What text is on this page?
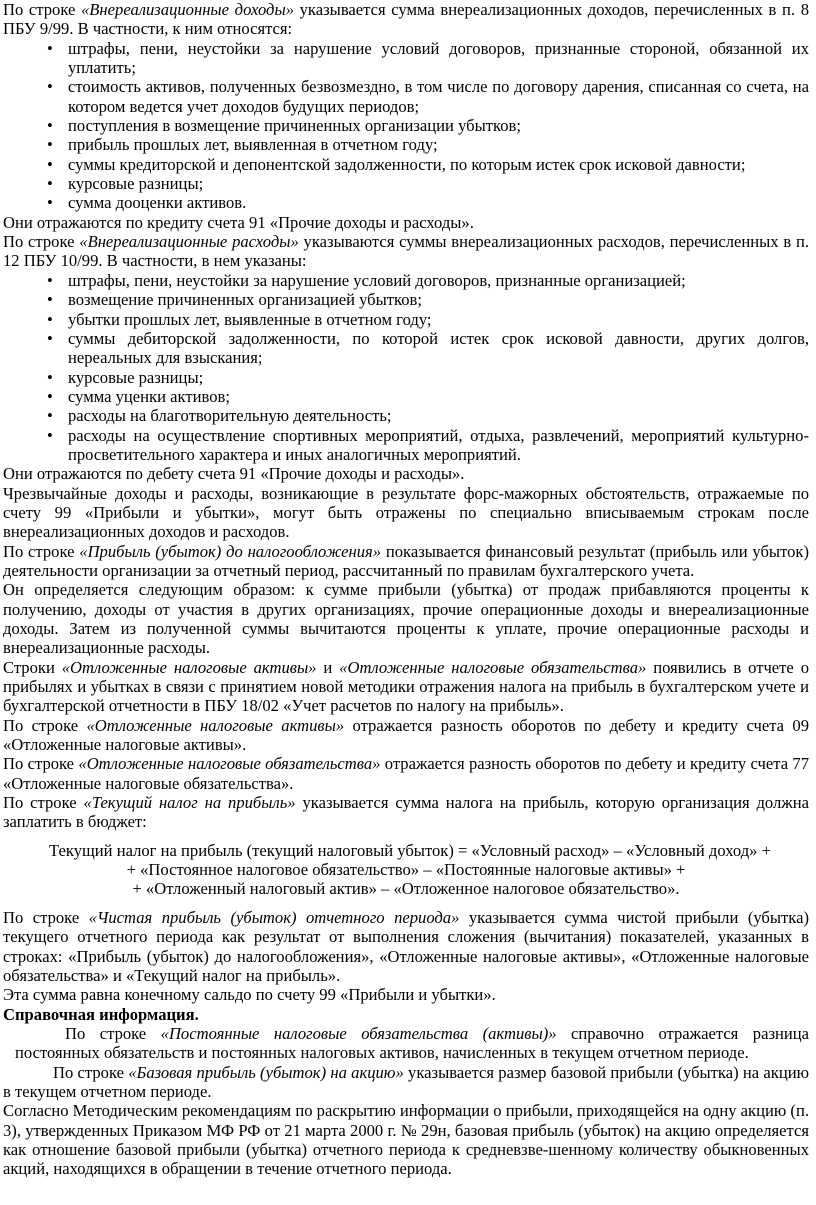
По строке «Внереализационные доходы» указывается сумма внереализационных доходов, перечисленных в п. 8 ПБУ 9/99. В частности, к ним относятся:

• штрафы, пени, неустойки за нарушение условий договоров, признанные стороной, обязанной их уплатить;
• стоимость активов, полученных безвозмездно, в том числе по договору дарения, списанная со счета, на котором ведется учет доходов будущих периодов;
• поступления в возмещение причиненных организации убытков;
• прибыль прошлых лет, выявленная в отчетном году;
• суммы кредиторской и депонентской задолженности, по которым истек срок исковой давности;
• курсовые разницы;
• сумма дооценки активов.

Они отражаются по кредиту счета 91 «Прочие доходы и расходы».

По строке «Внереализационные расходы» указываются суммы внереализационных расходов, перечисленных в п. 12 ПБУ 10/99. В частности, в нем указаны:

• штрафы, пени, неустойки за нарушение условий договоров, признанные организацией;
• возмещение причиненных организацией убытков;
• убытки прошлых лет, выявленные в отчетном году;
• суммы дебиторской задолженности, по которой истек срок исковой давности, других долгов, нереальных для взыскания;
• курсовые разницы;
• сумма уценки активов;
• расходы на благотворительную деятельность;
• расходы на осуществление спортивных мероприятий, отдыха, развлечений, мероприятий культурно-просветительного характера и иных аналогичных мероприятий.

Они отражаются по дебету счета 91 «Прочие доходы и расходы».

Чрезвычайные доходы и расходы, возникающие в результате форс-мажорных обстоятельств, отражаемые по счету 99 «Прибыли и убытки», могут быть отражены по специально вписываемым строкам после внереализационных доходов и расходов.

По строке «Прибыль (убыток) до налогообложения» показывается финансовый результат (прибыль или убыток) деятельности организации за отчетный период, рассчитанный по правилам бухгалтерского учета.

Он определяется следующим образом: к сумме прибыли (убытка) от продаж прибавляются проценты к получению, доходы от участия в других организациях, прочие операционные доходы и внереализационные доходы. Затем из полученной суммы вычитаются проценты к уплате, прочие операционные расходы и внереализационные расходы.

Строки «Отложенные налоговые активы» и «Отложенные налоговые обязательства» появились в отчете о прибылях и убытках в связи с принятием новой методики отражения налога на прибыль в бухгалтерском учете и бухгалтерской отчетности в ПБУ 18/02 «Учет расчетов по налогу на прибыль».

По строке «Отложенные налоговые активы» отражается разность оборотов по дебету и кредиту счета 09 «Отложенные налоговые активы».

По строке «Отложенные налоговые обязательства» отражается разность оборотов по дебету и кредиту счета 77 «Отложенные налоговые обязательства».

По строке «Текущий налог на прибыль» указывается сумма налога на прибыль, которую организация должна заплатить в бюджет:

Текущий налог на прибыль (текущий налоговый убыток) = «Условный расход» – «Условный доход» +
+ «Постоянное налоговое обязательство» – «Постоянные налоговые активы» +
+ «Отложенный налоговый актив» – «Отложенное налоговое обязательство».

По строке «Чистая прибыль (убыток) отчетного периода» указывается сумма чистой прибыли (убытка) текущего отчетного периода как результат от выполнения сложения (вычитания) показателей, указанных в строках: «Прибыль (убыток) до налогообложения», «Отложенные налоговые активы», «Отложенные налоговые обязательства» и «Текущий налог на прибыль».

Эта сумма равна конечному сальдо по счету 99 «Прибыли и убытки».

Справочная информация.

По строке «Постоянные налоговые обязательства (активы)» справочно отражается разница постоянных обязательств и постоянных налоговых активов, начисленных в текущем отчетном периоде.

По строке «Базовая прибыль (убыток) на акцию» указывается размер базовой прибыли (убытка) на акцию в текущем отчетном периоде.

Согласно Методическим рекомендациям по раскрытию информации о прибыли, приходящейся на одну акцию (п. 3), утвержденных Приказом МФ РФ от 21 марта 2000 г. № 29н, базовая прибыль (убыток) на акцию определяется как отношение базовой прибыли (убытка) отчетного периода к средневзве-шенному количеству обыкновенных акций, находящихся в обращении в течение отчетного периода.
